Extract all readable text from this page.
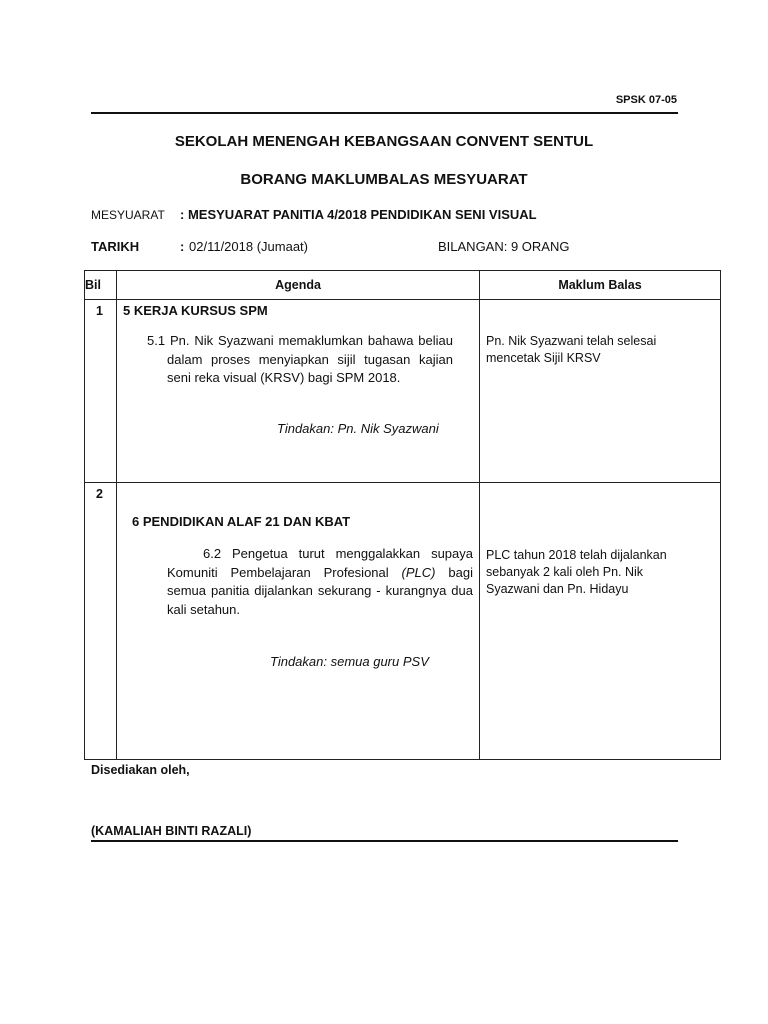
SPSK 07-05
SEKOLAH MENENGAH KEBANGSAAN CONVENT SENTUL
BORANG MAKLUMBALAS MESYUARAT
MESYUARAT : MESYUARAT PANITIA 4/2018 PENDIDIKAN SENI VISUAL
TARIKH	: 02/11/2018 (Jumaat)	BILANGAN: 9 ORANG
Bil	Agenda	Maklum Balas

1	5 KERJA KURSUS SPM
5.1 Pn. Nik Syazwani memaklumkan bahawa beliau dalam proses menyiapkan sijil tugasan kajian seni reka visual (KRSV) bagi SPM 2018.
Tindakan: Pn. Nik Syazwani	Pn. Nik Syazwani telah selesai mencetak Sijil KRSV

2	6 PENDIDIKAN ALAF 21 DAN KBAT
6.2 Pengetua turut menggalakkan supaya Komuniti Pembelajaran Profesional (PLC) bagi semua panitia dijalankan sekurang - kurangnya dua kali setahun.
Tindakan: semua guru PSV	PLC tahun 2018 telah dijalankan sebanyak 2 kali oleh Pn. Nik Syazwani dan Pn. Hidayu
Disediakan oleh,
(KAMALIAH BINTI RAZALI)
